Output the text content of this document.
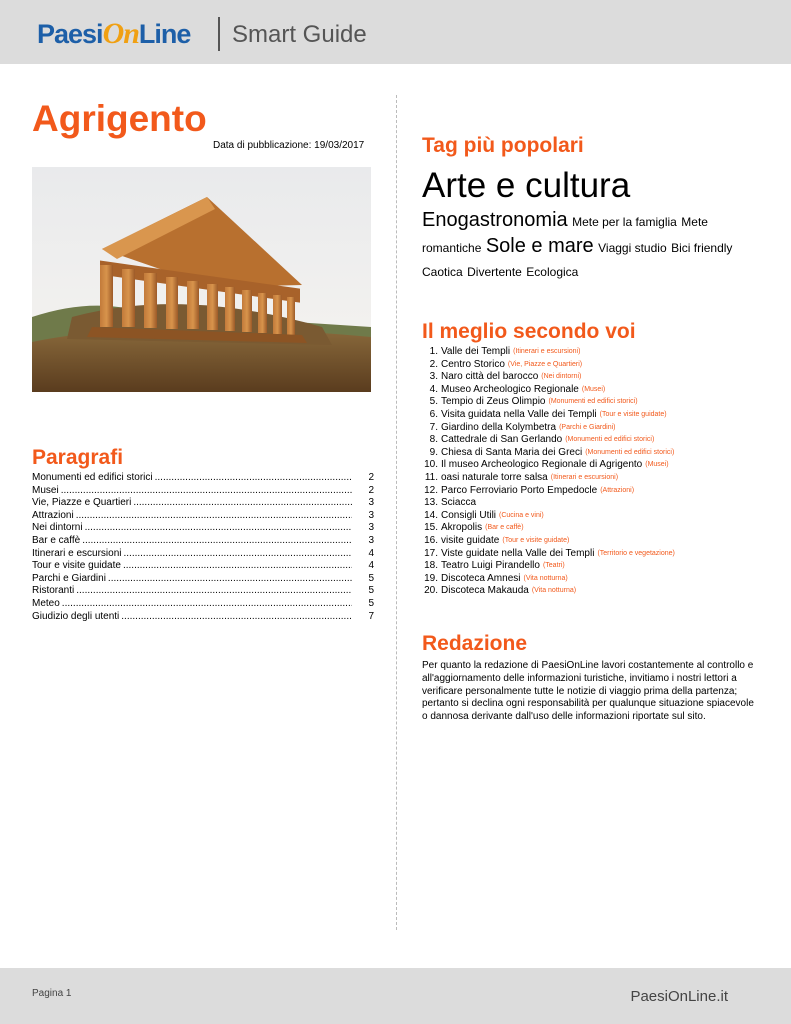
PaesiOnLine Smart Guide
Agrigento
Data di pubblicazione: 19/03/2017
Paragrafi
Monumenti ed edifici storici .....	2
Musei .....	2
Vie, Piazze e Quartieri .....	3
Attrazioni .....	3
Nei dintorni .....	3
Bar e caffè .....	3
Itinerari e escursioni .....	4
Tour e visite guidate .....	4
Parchi e Giardini .....	5
Ristoranti .....	5
Meteo .....	5
Giudizio degli utenti .....	7
Tag più popolari

Arte e cultura

Enogastronomia Mete per la famiglia Mete romantiche Sole e mare Viaggi studio Bici friendly Caotica Divertente Ecologica

Il meglio secondo voi
1. Valle dei Templi (Itinerari e escursioni)
2. Centro Storico (Vie, Piazze e Quartieri)
3. Naro città del barocco (Nei dintorni)
4. Museo Archeologico Regionale (Musei)
5. Tempio di Zeus Olimpio (Monumenti ed edifici storici)
6. Visita guidata nella Valle dei Templi (Tour e visite guidate)
7. Giardino della Kolymbetra (Parchi e Giardini)
8. Cattedrale di San Gerlando (Monumenti ed edifici storici)
9. Chiesa di Santa Maria dei Greci (Monumenti ed edifici storici)
10. Il museo Archeologico Regionale di Agrigento (Musei)
11. oasi naturale torre salsa (Itinerari e escursioni)
12. Parco Ferroviario Porto Empedocle (Attrazioni)
13. Sciacca
14. Consigli Utili (Cucina e vini)
15. Akropolis (Bar e caffè)
16. visite guidate (Tour e visite guidate)
17. Viste guidate nella Valle dei Templi (Territorio e vegetazione)
18. Teatro Luigi Pirandello (Teatri)
19. Discoteca Amnesi (Vita notturna)
20. Discoteca Makauda (Vita notturna)
Redazione
Per quanto la redazione di PaesiOnLine lavori costantemente al controllo e all'aggiornamento delle informazioni turistiche, invitiamo i nostri lettori a verificare personalmente tutte le notizie di viaggio prima della partenza; pertanto si declina ogni responsabilità per qualunque situazione spiacevole o dannosa derivante dall'uso delle informazioni riportate sul sito.
Pagina 1	PaesiOnLine.it
